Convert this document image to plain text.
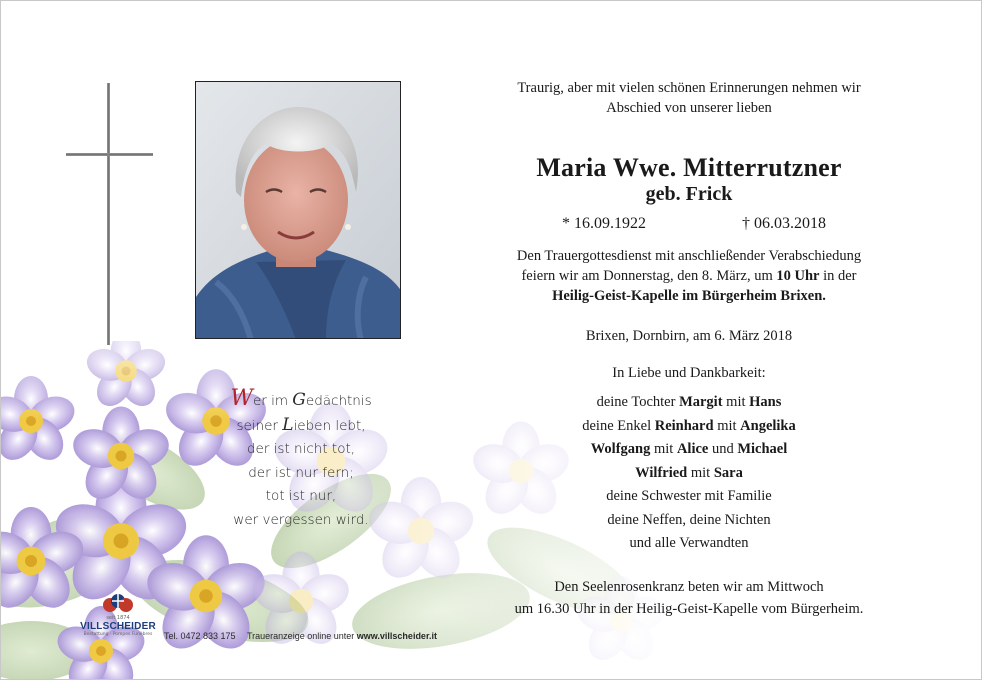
Wer im Gedächtnis
seiner Lieben lebt,
der ist nicht tot,
der ist nur fern;
tot ist nur,
wer vergessen wird.
Traurig, aber mit vielen schönen Erinnerungen nehmen wir
Abschied von unserer lieben
Maria Wwe. Mitterrutzner
geb. Frick
* 16.09.1922	† 06.03.2018
Den Trauergottesdienst mit anschließender Verabschiedung
feiern wir am Donnerstag, den 8. März, um 10 Uhr in der
Heilig-Geist-Kapelle im Bürgerheim Brixen.
Brixen, Dornbirn, am 6. März 2018
In Liebe und Dankbarkeit:
deine Tochter Margit mit Hans
deine Enkel Reinhard mit Angelika
Wolfgang mit Alice und Michael
Wilfried mit Sara
deine Schwester mit Familie
deine Neffen, deine Nichten
und alle Verwandten
Den Seelenrosenkranz beten wir am Mittwoch
um 16.30 Uhr in der Heilig-Geist-Kapelle vom Bürgerheim.
seit 1874
VILLSCHEIDER
Bestattung · Pompes Funèbres	Tel. 0472 833 175 Traueranzeige online unter www.villscheider.it
